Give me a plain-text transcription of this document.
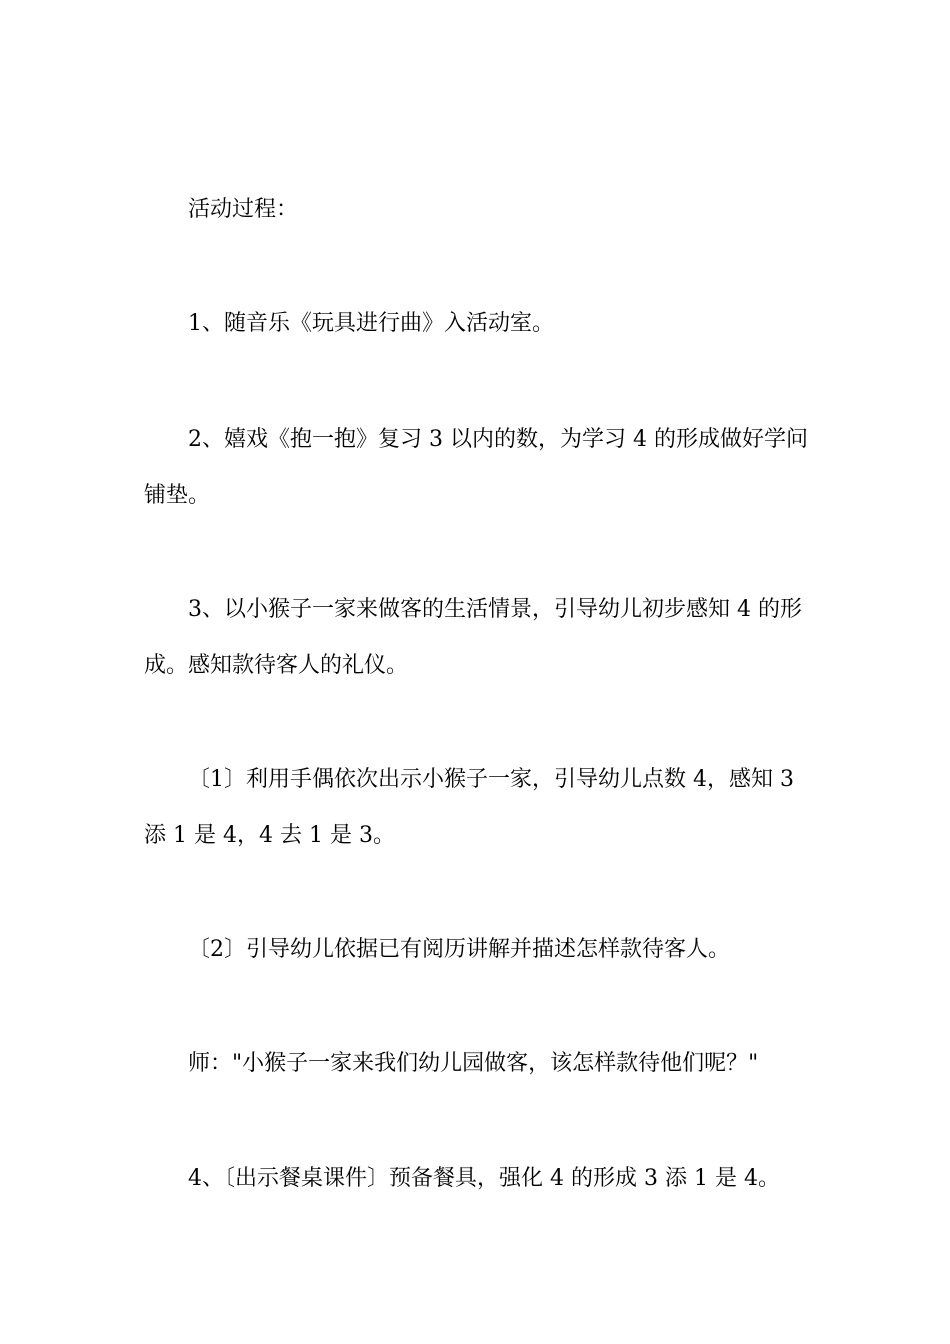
活动过程：

1、随音乐《玩具进行曲》入活动室。

2、嬉戏《抱一抱》复习 3 以内的数，为学习 4 的形成做好学问铺垫。

3、以小猴子一家来做客的生活情景，引导幼儿初步感知 4 的形成。感知款待客人的礼仪。

〔1〕利用手偶依次出示小猴子一家，引导幼儿点数 4，感知 3 添 1 是 4，4 去 1 是 3。

〔2〕引导幼儿依据已有阅历讲解并描述怎样款待客人。

师："小猴子一家来我们幼儿园做客，该怎样款待他们呢？"

4、〔出示餐桌课件〕预备餐具，强化 4 的形成 3 添 1 是 4。
